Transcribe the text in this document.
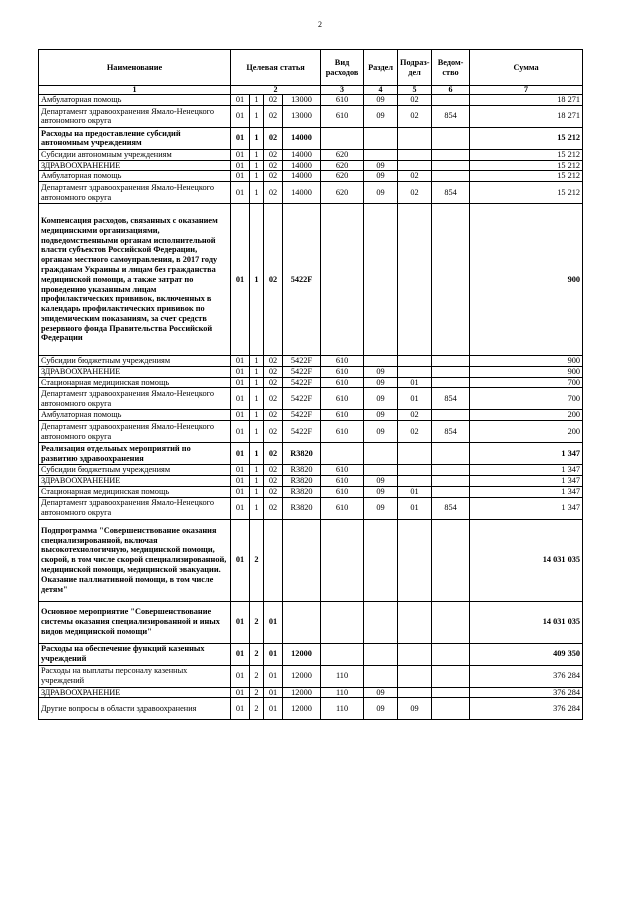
2
Наименование	Целевая статья				Вид расходов	Раздел	Подраз-дел	Ведом-ство	Сумма
1	2				3	4	5	6	7
Амбулаторная помощь	01	1	02	13000	610	09	02		18 271
Департамент здравоохранения Ямало-Ненецкого автономного округа	01	1	02	13000	610	09	02	854	18 271
Расходы на предоставление субсидий автономным учреждениям	01	1	02	14000					15 212
Субсидии автономным учреждениям	01	1	02	14000	620				15 212
ЗДРАВООХРАНЕНИЕ	01	1	02	14000	620	09			15 212
Амбулаторная помощь	01	1	02	14000	620	09	02		15 212
Департамент здравоохранения Ямало-Ненецкого автономного округа	01	1	02	14000	620	09	02	854	15 212
Компенсация расходов, связанных с оказанием медицинскими организациями, подведомственными органам исполнительной власти субъектов Российской Федерации, органам местного самоуправления, в 2017 году гражданам Украины и лицам без гражданства медицинской помощи, а также затрат по проведению указанным лицам профилактических прививок, включенных в календарь профилактических прививок по эпидемическим показаниям, за счет средств резервного фонда Правительства Российской Федерации	01	1	02	5422F					900
Субсидии бюджетным учреждениям	01	1	02	5422F	610				900
ЗДРАВООХРАНЕНИЕ	01	1	02	5422F	610	09			900
Стационарная медицинская помощь	01	1	02	5422F	610	09	01		700
Департамент здравоохранения Ямало-Ненецкого автономного округа	01	1	02	5422F	610	09	01	854	700
Амбулаторная помощь	01	1	02	5422F	610	09	02		200
Департамент здравоохранения Ямало-Ненецкого автономного округа	01	1	02	5422F	610	09	02	854	200
Реализация отдельных мероприятий по развитию здравоохранения	01	1	02	R3820					1 347
Субсидии бюджетным учреждениям	01	1	02	R3820	610				1 347
ЗДРАВООХРАНЕНИЕ	01	1	02	R3820	610	09			1 347
Стационарная медицинская помощь	01	1	02	R3820	610	09	01		1 347
Департамент здравоохранения Ямало-Ненецкого автономного округа	01	1	02	R3820	610	09	01	854	1 347
Подпрограмма "Совершенствование оказания специализированной, включая высокотехнологичную, медицинской помощи, скорой, в том числе скорой специализированной, медицинской помощи, медицинской эвакуации. Оказание паллиативной помощи, в том числе детям"	01	2							14 031 035
Основное мероприятие "Совершенствование системы оказания специализированной и иных видов медицинской помощи"	01	2	01						14 031 035
Расходы на обеспечение функций казенных учреждений	01	2	01	12000					409 350
Расходы на выплаты персоналу казенных учреждений	01	2	01	12000	110				376 284
ЗДРАВООХРАНЕНИЕ	01	2	01	12000	110	09			376 284
Другие вопросы в области здравоохранения	01	2	01	12000	110	09	09		376 284
